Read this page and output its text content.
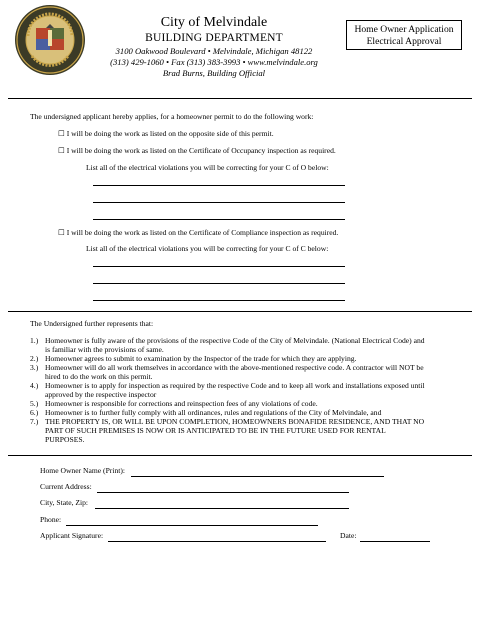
City of Melvindale
BUILDING DEPARTMENT
3100 Oakwood Boulevard • Melvindale, Michigan 48122
(313) 429-1060 • Fax (313) 383-3993 • www.melvindale.org
Brad Burns, Building Official
Home Owner Application
Electrical Approval
The undersigned applicant hereby applies, for a homeowner permit to do the following work:
☐ I will be doing the work as listed on the opposite side of this permit.
☐ I will be doing the work as listed on the Certificate of Occupancy inspection as required.
List all of the electrical violations you will be correcting for your C of O below:
☐ I will be doing the work as listed on the Certificate of Compliance inspection as required.
List all of the electrical violations you will be correcting for your C of C below:
The Undersigned further represents that:
1.) Homeowner is fully aware of the provisions of the respective Code of the City of Melvindale. (National Electrical Code) and
is familiar with the provisions of same.
2.) Homeowner agrees to submit to examination by the Inspector of the trade for which they are applying.
3.) Homeowner will do all work themselves in accordance with the above-mentioned respective code. A contractor will NOT be
hired to do the work on this permit.
4.) Homeowner is to apply for inspection as required by the respective Code and to keep all work and installations exposed until
approved by the respective inspector
5.) Homeowner is responsible for corrections and reinspection fees of any violations of code.
6.) Homeowner is to further fully comply with all ordinances, rules and regulations of the City of Melvindale, and
7.) THE PROPERTY IS, OR WILL BE UPON COMPLETION, HOMEOWNERS BONAFIDE RESIDENCE, AND THAT NO
PART OF SUCH PREMISES IS NOW OR IS ANTICIPATED TO BE IN THE FUTURE USED FOR RENTAL
PURPOSES.
Home Owner Name (Print):
Current Address:
City, State, Zip:
Phone:
Applicant Signature:	Date:
